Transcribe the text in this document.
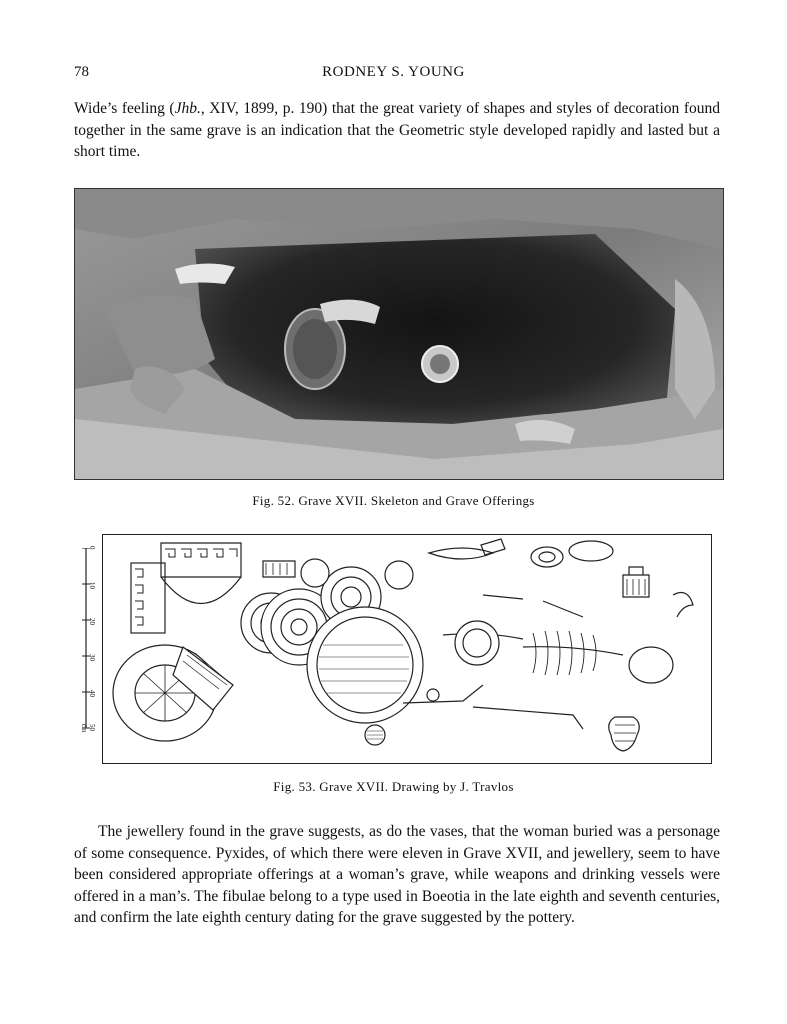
78	RODNEY S. YOUNG
Wide’s feeling (Jhb., XIV, 1899, p. 190) that the great variety of shapes and styles of decoration found together in the same grave is an indication that the Geometric style developed rapidly and lasted but a short time.
Fig. 52. Grave XVII. Skeleton and Grave Offerings
0
10
20
30
40
50 cm
Fig. 53. Grave XVII. Drawing by J. Travlos
The jewellery found in the grave suggests, as do the vases, that the woman buried was a personage of some consequence. Pyxides, of which there were eleven in Grave XVII, and jewellery, seem to have been considered appropriate offerings at a woman’s grave, while weapons and drinking vessels were offered in a man’s. The fibulae belong to a type used in Boeotia in the late eighth and seventh centuries, and confirm the late eighth century dating for the grave suggested by the pottery.
